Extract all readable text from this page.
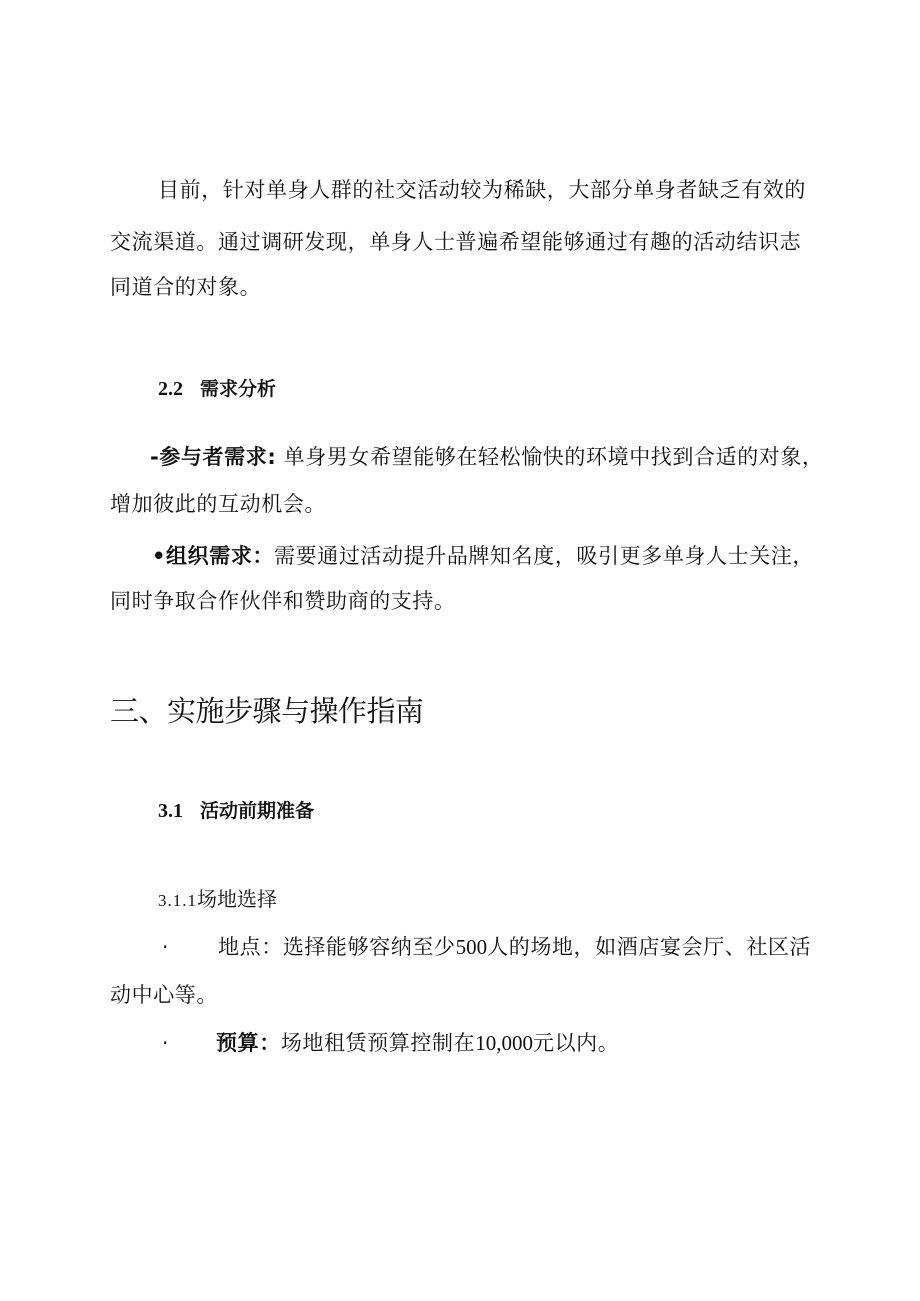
目前，针对单身人群的社交活动较为稀缺，大部分单身者缺乏有效的
交流渠道。通过调研发现，单身人士普遍希望能够通过有趣的活动结识志
同道合的对象。
2.2 需求分析
-参与者需求: 单身男女希望能够在轻松愉快的环境中找到合适的对象，
增加彼此的互动机会。
•组织需求：需要通过活动提升品牌知名度，吸引更多单身人士关注，
同时争取合作伙伴和赞助商的支持。
三、实施步骤与操作指南
3.1 活动前期准备
3.1.1场地选择
· 地点：选择能够容纳至少500人的场地，如酒店宴会厅、社区活
动中心等。
· 预算：场地租赁预算控制在10,000元以内。
